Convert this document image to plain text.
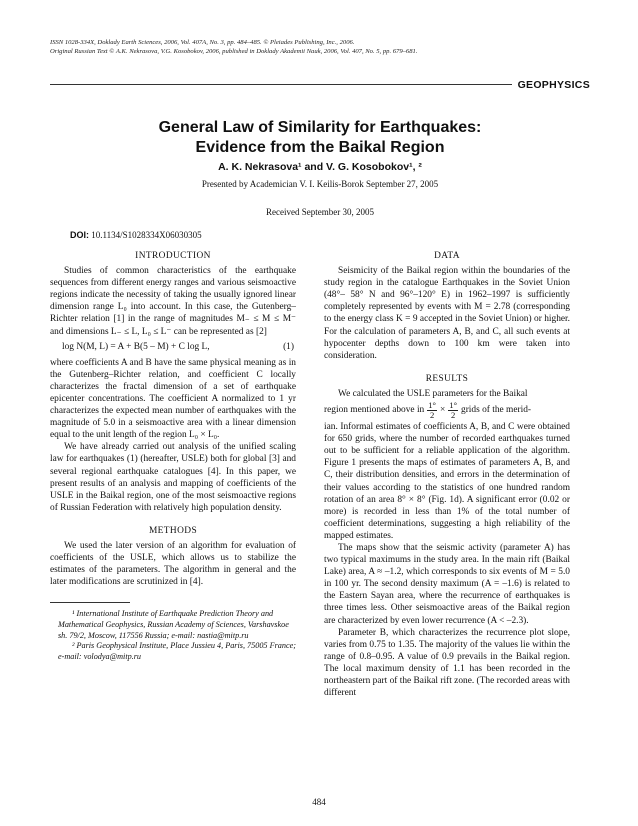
ISSN 1028-334X, Doklady Earth Sciences, 2006, Vol. 407A, No. 3, pp. 484–485. © Pleiades Publishing, Inc., 2006.
Original Russian Text © A.K. Nekrasova, V.G. Kosobokov, 2006, published in Doklady Akademii Nauk, 2006, Vol. 407, No. 5, pp. 679–681.
GEOPHYSICS
General Law of Similarity for Earthquakes:
Evidence from the Baikal Region
A. K. Nekrasova¹ and V. G. Kosobokov¹, ²
Presented by Academician V. I. Keilis-Borok September 27, 2005
Received September 30, 2005
DOI: 10.1134/S1028334X06030305
INTRODUCTION

Studies of common characteristics of the earthquake sequences from different energy ranges and various seismoactive regions indicate the necessity of taking the usually ignored linear dimension range L₀ into account. In this case, the Gutenberg–Richter relation [1] in the range of magnitudes M₋ ≤ M ≤ M⁻ and dimensions L₋ ≤ L, L₀ ≤ L⁻ can be represented as [2]

log N(M, L) = A + B(5 – M) + C log L,	(1)

where coefficients A and B have the same physical meaning as in the Gutenberg–Richter relation, and coefficient C locally characterizes the fractal dimension of a set of earthquake epicenter concentrations. The coefficient A normalized to 1 yr characterizes the expected mean number of earthquakes with the magnitude of 5.0 in a seismoactive area with a linear dimension equal to the unit length of the region L₀ × L₀.

We have already carried out analysis of the unified scaling law for earthquakes (1) (hereafter, USLE) both for global [3] and several regional earthquake catalogues [4]. In this paper, we present results of an analysis and mapping of coefficients of the USLE in the Baikal region, one of the most seismoactive regions of Russian Federation with relatively high population density.

METHODS

We used the later version of an algorithm for evaluation of coefficients of the USLE, which allows us to stabilize the estimates of the parameters. The algorithm in general and the later modifications are scrutinized in [4].

¹ International Institute of Earthquake Prediction Theory and Mathematical Geophysics, Russian Academy of Sciences, Varshavskoe sh. 79/2, Moscow, 117556 Russia; e-mail: nastia@mitp.ru

² Paris Geophysical Institute, Place Jussieu 4, Paris, 75005 France; e-mail: volodya@mitp.ru

DATA

Seismicity of the Baikal region within the boundaries of the study region in the catalogue Earthquakes in the Soviet Union (48°– 58° N and 96°–120° E) in 1962–1997 is sufficiently completely represented by events with M = 2.78 (corresponding to the energy class K = 9 accepted in the Soviet Union) or higher. For the calculation of parameters A, B, and C, all such events at hypocenter depths down to 100 km were taken into consideration.

RESULTS

We calculated the USLE parameters for the Baikal

region mentioned above in $\frac{1^\circ}{2} \times \frac{1^\circ}{2}$ grids of the merid-

ian. Informal estimates of coefficients A, B, and C were obtained for 650 grids, where the number of recorded earthquakes turned out to be sufficient for a reliable application of the algorithm. Figure 1 presents the maps of estimates of parameters A, B, and C, their distribution densities, and errors in the determination of their values according to the statistics of one hundred random rotation of an area 8° × 8° (Fig. 1d). A significant error (0.02 or more) is recorded in less than 1% of the total number of coefficient determinations, suggesting a high reliability of the mapped estimates.

The maps show that the seismic activity (parameter A) has two typical maximums in the study area. In the main rift (Baikal Lake) area, A ≈ –1.2, which corresponds to six events of M = 5.0 in 100 yr. The second density maximum (A = –1.6) is related to the Eastern Sayan area, where the recurrence of earthquakes is three times less. Other seismoactive areas of the Baikal region are characterized by even lower recurrence (A < –2.3).

Parameter B, which characterizes the recurrence plot slope, varies from 0.75 to 1.35. The majority of the values lie within the range of 0.8–0.95. A value of 0.9 prevails in the Baikal region. The local maximum density of 1.1 has been recorded in the northeastern part of the Baikal rift zone. (The recorded areas with different

484
